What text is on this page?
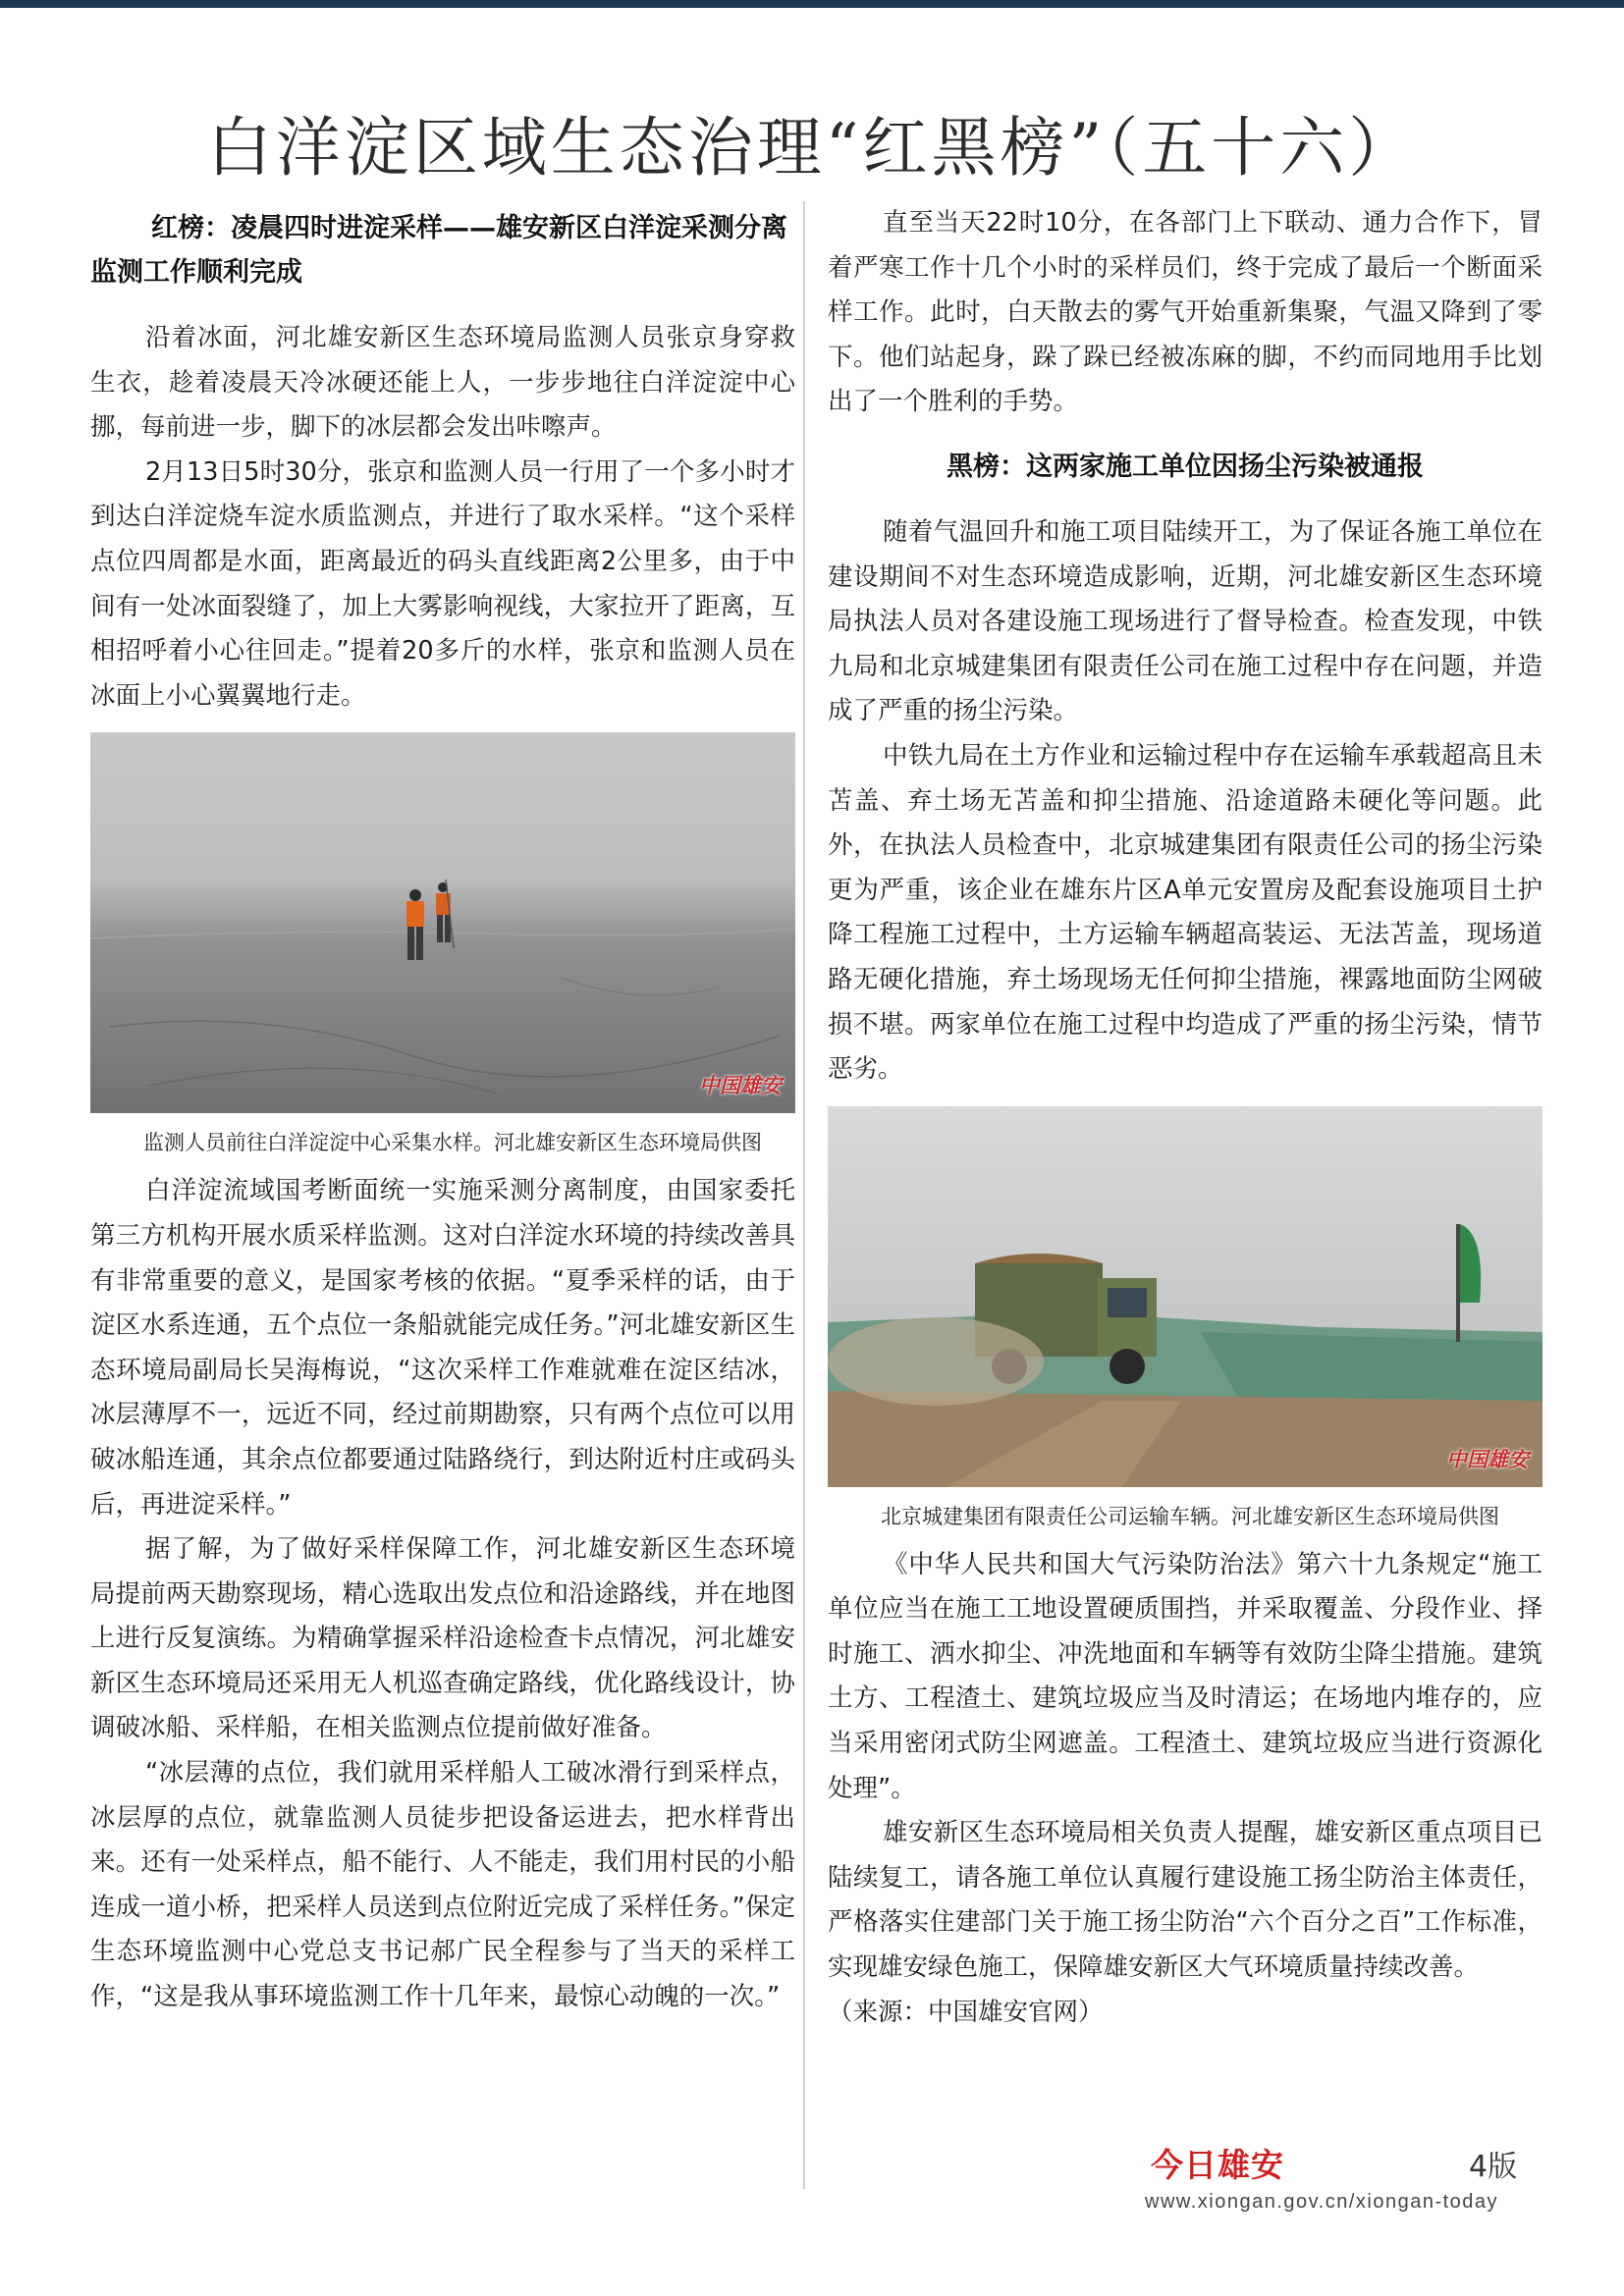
白洋淀区域生态治理“红黑榜”（五十六）
红榜：凌晨四时进淀采样——雄安新区白洋淀采测分离监测工作顺利完成

沿着冰面，河北雄安新区生态环境局监测人员张京身穿救生衣，趁着凌晨天冷冰硬还能上人，一步步地往白洋淀淀中心挪，每前进一步，脚下的冰层都会发出咔嚓声。

2月13日5时30分，张京和监测人员一行用了一个多小时才到达白洋淀烧车淀水质监测点，并进行了取水采样。“这个采样点位四周都是水面，距离最近的码头直线距离2公里多，由于中间有一处冰面裂缝了，加上大雾影响视线，大家拉开了距离，互相招呼着小心往回走。”提着20多斤的水样，张京和监测人员在冰面上小心翼翼地行走。

中国雄安

监测人员前往白洋淀淀中心采集水样。河北雄安新区生态环境局供图

白洋淀流域国考断面统一实施采测分离制度，由国家委托第三方机构开展水质采样监测。这对白洋淀水环境的持续改善具有非常重要的意义，是国家考核的依据。“夏季采样的话，由于淀区水系连通，五个点位一条船就能完成任务。”河北雄安新区生态环境局副局长吴海梅说，“这次采样工作难就难在淀区结冰，冰层薄厚不一，远近不同，经过前期勘察，只有两个点位可以用破冰船连通，其余点位都要通过陆路绕行，到达附近村庄或码头后，再进淀采样。”

据了解，为了做好采样保障工作，河北雄安新区生态环境局提前两天勘察现场，精心选取出发点位和沿途路线，并在地图上进行反复演练。为精确掌握采样沿途检查卡点情况，河北雄安新区生态环境局还采用无人机巡查确定路线，优化路线设计，协调破冰船、采样船，在相关监测点位提前做好准备。

“冰层薄的点位，我们就用采样船人工破冰滑行到采样点，冰层厚的点位，就靠监测人员徒步把设备运进去，把水样背出来。还有一处采样点，船不能行、人不能走，我们用村民的小船连成一道小桥，把采样人员送到点位附近完成了采样任务。”保定生态环境监测中心党总支书记郝广民全程参与了当天的采样工作，“这是我从事环境监测工作十几年来，最惊心动魄的一次。”

直至当天22时10分，在各部门上下联动、通力合作下，冒着严寒工作十几个小时的采样员们，终于完成了最后一个断面采样工作。此时，白天散去的雾气开始重新集聚，气温又降到了零下。他们站起身，跺了跺已经被冻麻的脚，不约而同地用手比划出了一个胜利的手势。

黑榜：这两家施工单位因扬尘污染被通报

随着气温回升和施工项目陆续开工，为了保证各施工单位在建设期间不对生态环境造成影响，近期，河北雄安新区生态环境局执法人员对各建设施工现场进行了督导检查。检查发现，中铁九局和北京城建集团有限责任公司在施工过程中存在问题，并造成了严重的扬尘污染。

中铁九局在土方作业和运输过程中存在运输车承载超高且未苫盖、弃土场无苫盖和抑尘措施、沿途道路未硬化等问题。此外，在执法人员检查中，北京城建集团有限责任公司的扬尘污染更为严重，该企业在雄东片区A单元安置房及配套设施项目土护降工程施工过程中，土方运输车辆超高装运、无法苫盖，现场道路无硬化措施，弃土场现场无任何抑尘措施，裸露地面防尘网破损不堪。两家单位在施工过程中均造成了严重的扬尘污染，情节恶劣。

中国雄安

北京城建集团有限责任公司运输车辆。河北雄安新区生态环境局供图

《中华人民共和国大气污染防治法》第六十九条规定“施工单位应当在施工工地设置硬质围挡，并采取覆盖、分段作业、择时施工、洒水抑尘、冲洗地面和车辆等有效防尘降尘措施。建筑土方、工程渣土、建筑垃圾应当及时清运；在场地内堆存的，应当采用密闭式防尘网遮盖。工程渣土、建筑垃圾应当进行资源化处理”。

雄安新区生态环境局相关负责人提醒，雄安新区重点项目已陆续复工，请各施工单位认真履行建设施工扬尘防治主体责任，严格落实住建部门关于施工扬尘防治“六个百分之百”工作标准，实现雄安绿色施工，保障雄安新区大气环境质量持续改善。

（来源：中国雄安官网）

今日雄安	4版
www.xiongan.gov.cn/xiongan-today
